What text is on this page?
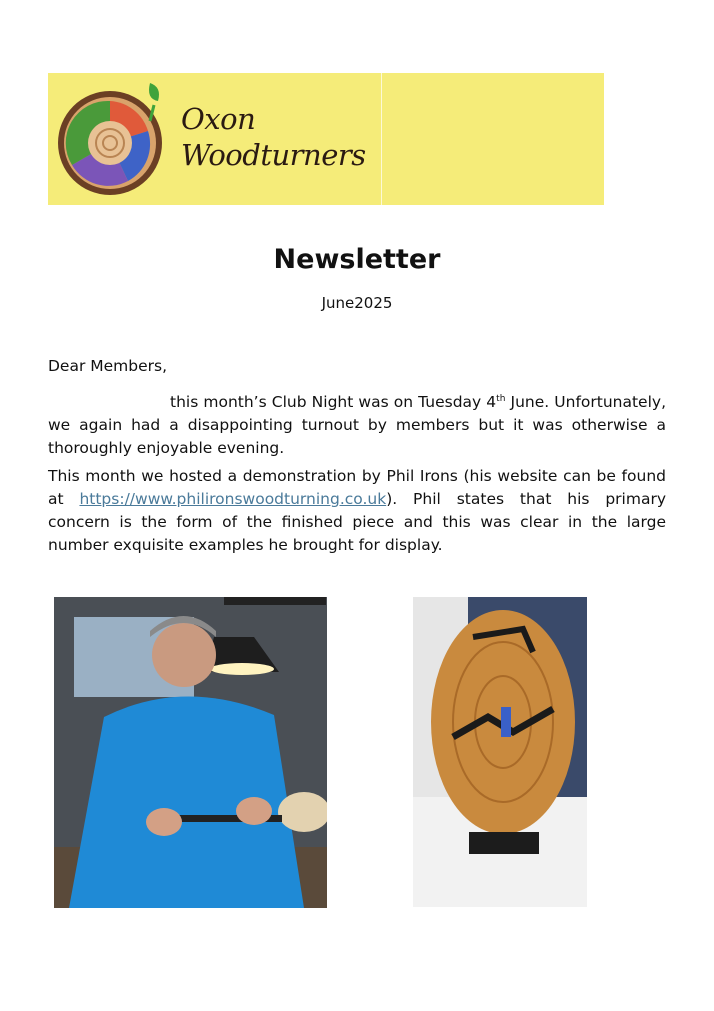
Oxon
Woodturners
Newsletter
June2025
Dear Members,
this month’s Club Night was on Tuesday 4th June. Unfortunately, we again had a disappointing turnout by members but it was otherwise a thoroughly enjoyable evening.
This month we hosted a demonstration by Phil Irons (his website can be found at https://www.philironswoodturning.co.uk). Phil states that his primary concern is the form of the finished piece and this was clear in the large number exquisite examples he brought for display.
